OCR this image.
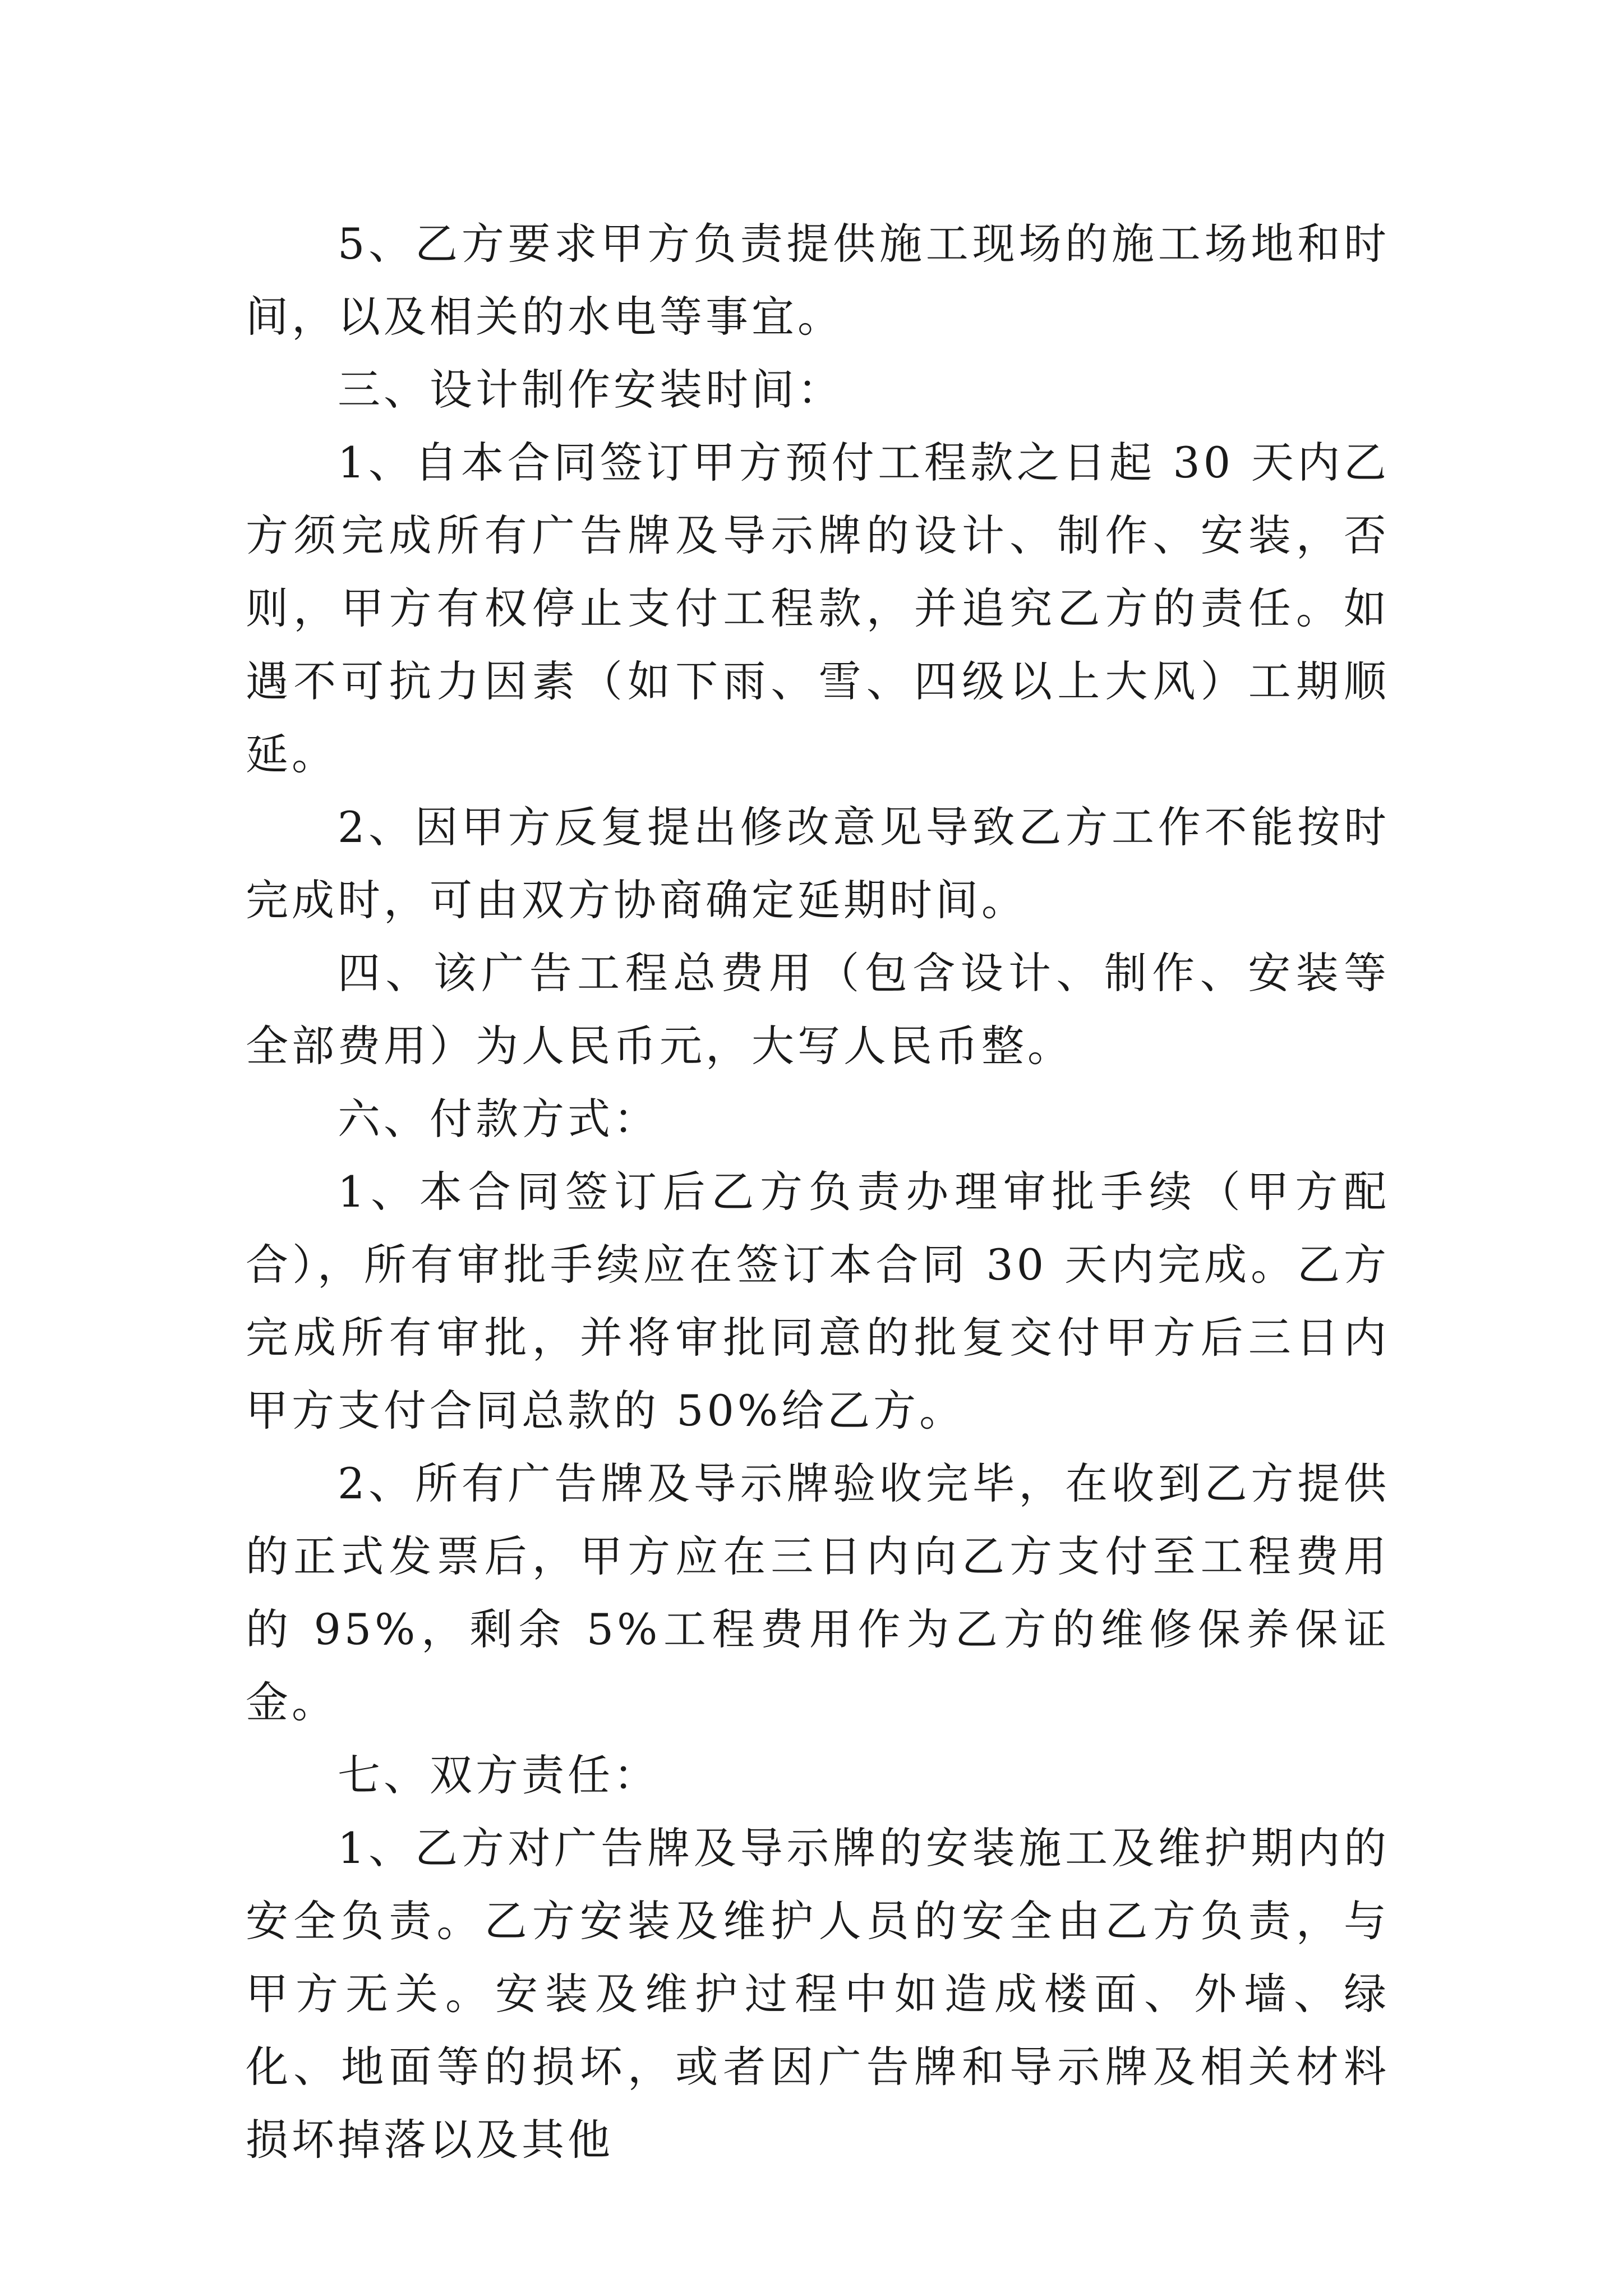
5、乙方要求甲方负责提供施工现场的施工场地和时间，以及相关的水电等事宜。

三、设计制作安装时间：

1、自本合同签订甲方预付工程款之日起 30 天内乙方须完成所有广告牌及导示牌的设计、制作、安装，否则，甲方有权停止支付工程款，并追究乙方的责任。如遇不可抗力因素（如下雨、雪、四级以上大风）工期顺延。

2、因甲方反复提出修改意见导致乙方工作不能按时完成时，可由双方协商确定延期时间。

四、该广告工程总费用（包含设计、制作、安装等全部费用）为人民币元，大写人民币整。

六、付款方式：

1、本合同签订后乙方负责办理审批手续（甲方配合），所有审批手续应在签订本合同 30 天内完成。乙方完成所有审批，并将审批同意的批复交付甲方后三日内甲方支付合同总款的 50%给乙方。

2、所有广告牌及导示牌验收完毕，在收到乙方提供的正式发票后，甲方应在三日内向乙方支付至工程费用的 95%，剩余 5%工程费用作为乙方的维修保养保证金。

七、双方责任：

1、乙方对广告牌及导示牌的安装施工及维护期内的安全负责。乙方安装及维护人员的安全由乙方负责，与甲方无关。安装及维护过程中如造成楼面、外墙、绿化、地面等的损坏，或者因广告牌和导示牌及相关材料损坏掉落以及其他
